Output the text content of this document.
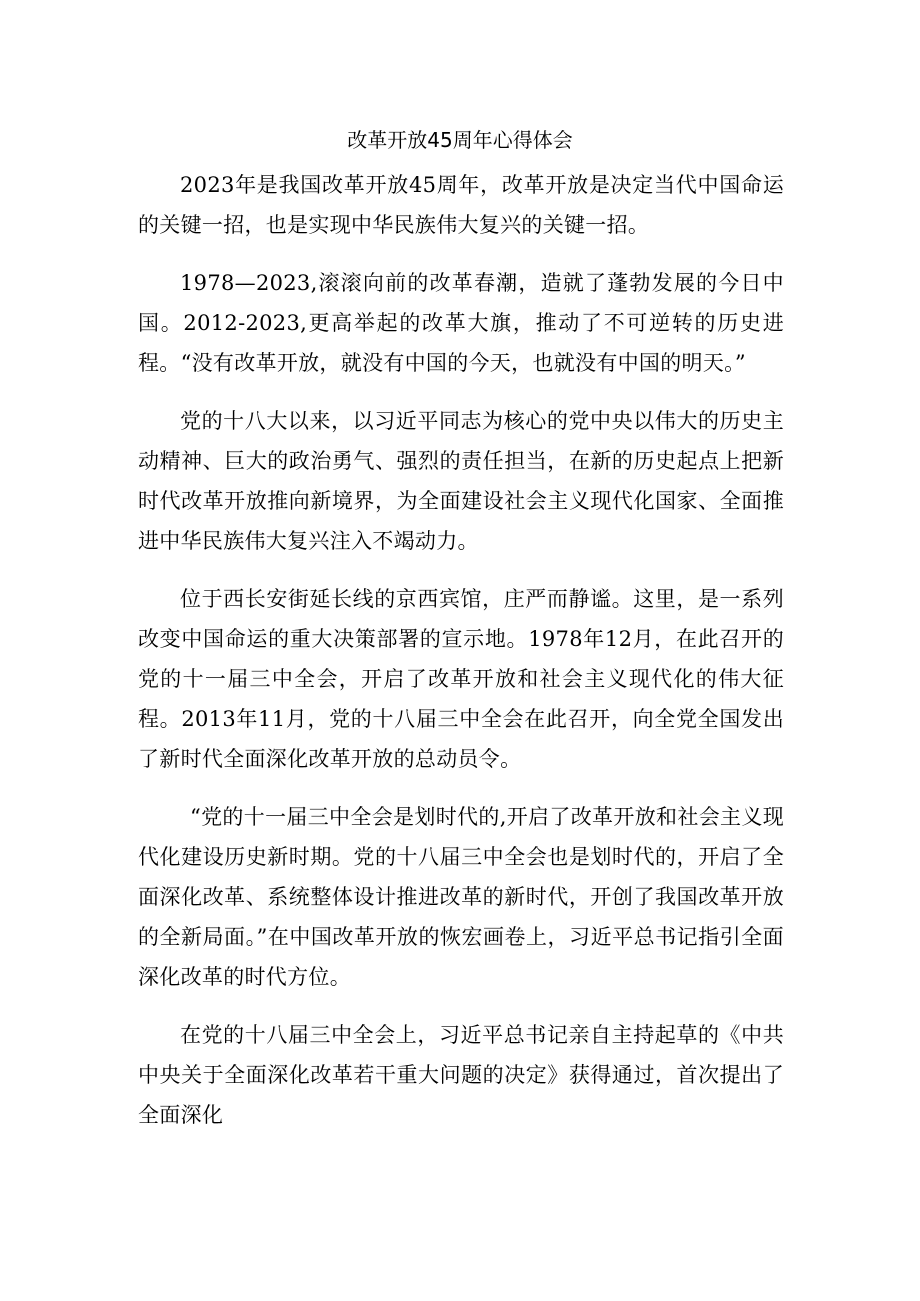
改革开放45周年心得体会

2023年是我国改革开放45周年，改革开放是决定当代中国命运的关键一招，也是实现中华民族伟大复兴的关键一招。

1978—2023,滚滚向前的改革春潮，造就了蓬勃发展的今日中国。2012-2023,更高举起的改革大旗，推动了不可逆转的历史进程。“没有改革开放，就没有中国的今天，也就没有中国的明天。”

党的十八大以来，以习近平同志为核心的党中央以伟大的历史主动精神、巨大的政治勇气、强烈的责任担当，在新的历史起点上把新时代改革开放推向新境界，为全面建设社会主义现代化国家、全面推进中华民族伟大复兴注入不竭动力。

位于西长安街延长线的京西宾馆，庄严而静谧。这里，是一系列改变中国命运的重大决策部署的宣示地。1978年12月，在此召开的党的十一届三中全会，开启了改革开放和社会主义现代化的伟大征程。2013年11月，党的十八届三中全会在此召开，向全党全国发出了新时代全面深化改革开放的总动员令。

“党的十一届三中全会是划时代的,开启了改革开放和社会主义现代化建设历史新时期。党的十八届三中全会也是划时代的，开启了全面深化改革、系统整体设计推进改革的新时代，开创了我国改革开放的全新局面。”在中国改革开放的恢宏画卷上，习近平总书记指引全面深化改革的时代方位。

在党的十八届三中全会上，习近平总书记亲自主持起草的《中共中央关于全面深化改革若干重大问题的决定》获得通过，首次提出了全面深化
